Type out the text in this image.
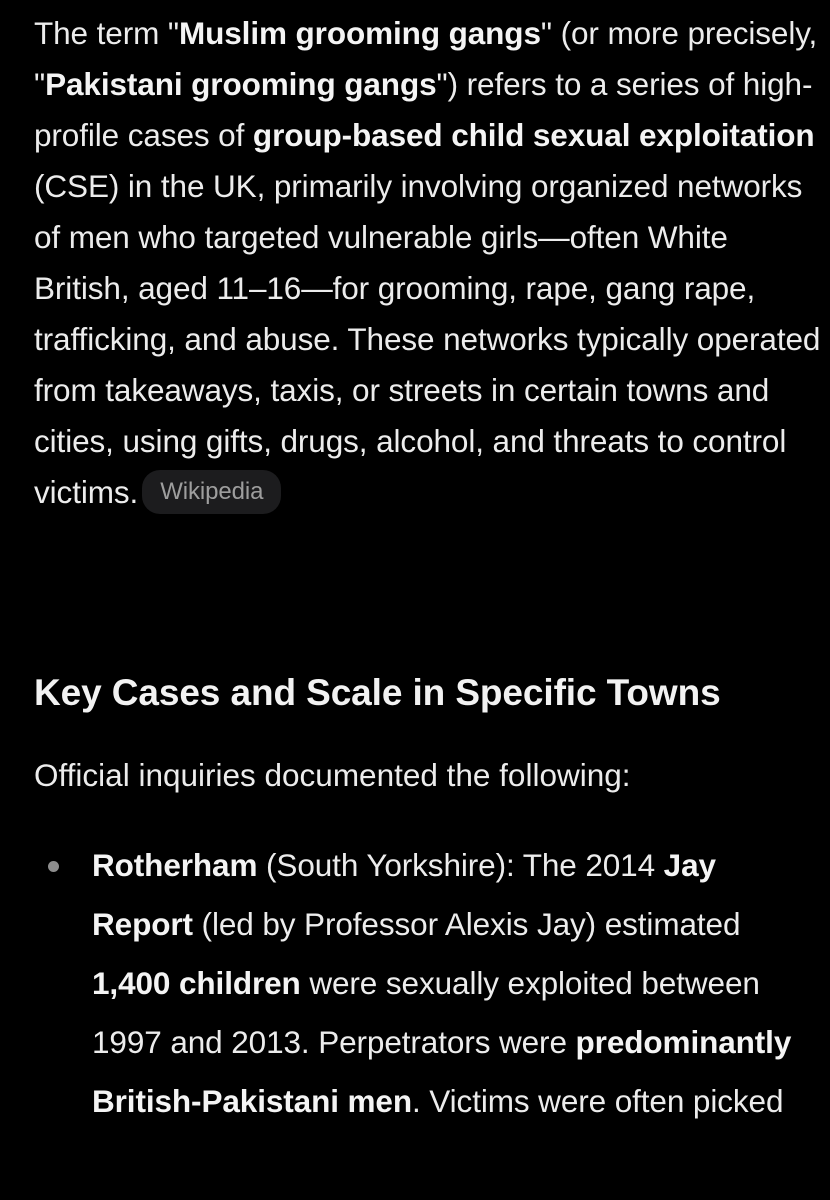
The term "Muslim grooming gangs" (or more precisely, "Pakistani grooming gangs") refers to a series of high-profile cases of group-based child sexual exploitation (CSE) in the UK, primarily involving organized networks of men who targeted vulnerable girls—often White British, aged 11–16—for grooming, rape, gang rape, trafficking, and abuse. These networks typically operated from takeaways, taxis, or streets in certain towns and cities, using gifts, drugs, alcohol, and threats to control victims. Wikipedia

Key Cases and Scale in Specific Towns

Official inquiries documented the following:

Rotherham (South Yorkshire): The 2014 Jay Report (led by Professor Alexis Jay) estimated 1,400 children were sexually exploited between 1997 and 2013. Perpetrators were predominantly British-Pakistani men. Victims were often picked
